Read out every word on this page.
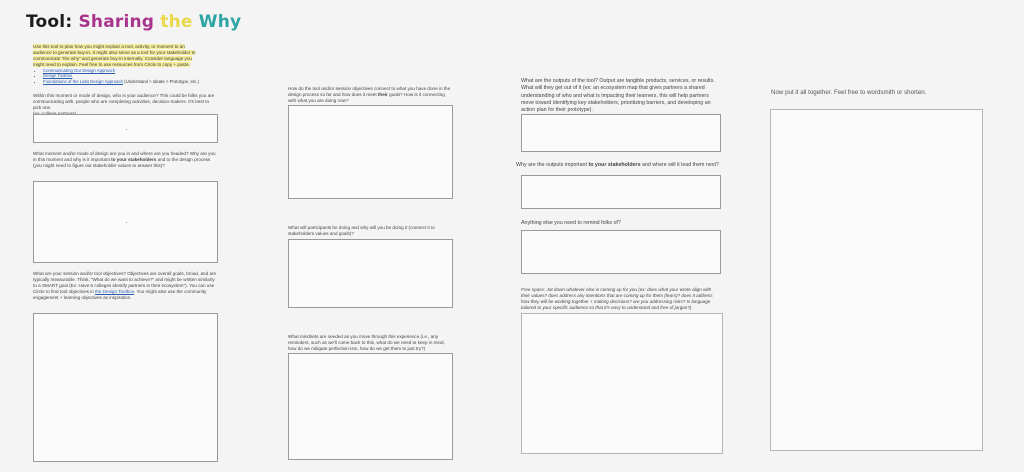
Tool: Sharing the Why
Use this tool to plan how you might explain a tool, activity, or moment to an audience to generate buy-in. It might also serve as a tool for your stakeholder to communicate "the why" and generate buy-in internally. Consider language you might need to explain. Feel free to use resources from Circle to copy + paste.
• Communicating Our Design Approach
• Design Toolbox
• Foundations of the Labs Design Approach (Understand > Ideate > Prototype, etc.)
Within this moment or mode of design, who is your audience? This could be folks you are communicating with, people who are completing activities, decision-makers. It's best to pick one.

What moment and/or mode of design are you in and where are you headed? Why are you in this moment and why is it important to your stakeholders and to the design process (you might need to figure out stakeholder values to answer this)?
What are your session and/or tool objectives? Objectives are overall goals, broad, and are typically measurable. Think, "What do we want to achieve?" and might be written similarly to a SMART goal (Ex: Have 5 colleges identify partners in their ecosystem"). You can use Circle to find tool objectives in the Design Toolbox. You might also use the community engagement + learning objectives as inspiration.
How do the tool and/or session objectives connect to what you have done in the design process so far and how does it meet their goals? How is it connecting with what you are doing now?
What will participants be doing and why will you be doing it (connect it to stakeholders values and goals)?
What mindsets are needed as you move through this experience (i.e., any reminders, such as we'll come back to this, what do we need to keep in mind, how do we mitigate perfection-ism, how do we get them to just try?)
What are the outputs of the tool? Output are tangible products, services, or results. What will they get out of it (ex: an ecosystem map that gives partners a shared understanding of who and what is impacting their learners, this will help partners move toward identifying key stakeholders, prioritizing barriers, and developing an action plan for their prototype).
Why are the outputs important to your stakeholders and where will it lead them next?
Anything else you need to remind folks of?
Free space: Jot down whatever else is coming up for you (ex: does what your wrote align with their values? does address any intentions that are coming up for them (fears)? does it address how they will be working together + making decisions? are you addressing risks? Is language tailored to your specific audience so that it's easy to understand and free of jargon?)
Now put it all together. Feel free to wordsmith or shorten.
